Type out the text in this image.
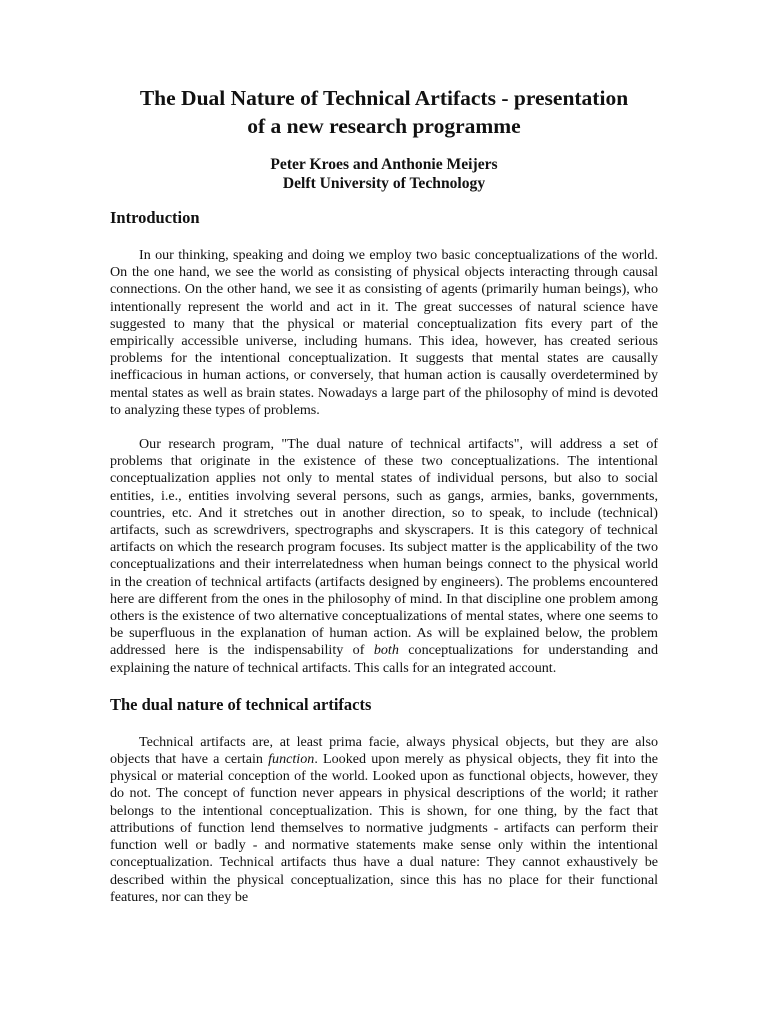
The Dual Nature of Technical Artifacts - presentation
of a new research programme
Peter Kroes and Anthonie Meijers
Delft University of Technology
Introduction

In our thinking, speaking and doing we employ two basic conceptualizations of the world. On the one hand, we see the world as consisting of physical objects interacting through causal connections. On the other hand, we see it as consisting of agents (primarily human beings), who intentionally represent the world and act in it. The great successes of natural science have suggested to many that the physical or material conceptualization fits every part of the empirically accessible universe, including humans. This idea, however, has created serious problems for the intentional conceptualization. It suggests that mental states are causally inefficacious in human actions, or conversely, that human action is causally overdetermined by mental states as well as brain states. Nowadays a large part of the philosophy of mind is devoted to analyzing these types of problems.

Our research program, "The dual nature of technical artifacts", will address a set of problems that originate in the existence of these two conceptualizations. The intentional conceptualization applies not only to mental states of individual persons, but also to social entities, i.e., entities involving several persons, such as gangs, armies, banks, governments, countries, etc. And it stretches out in another direction, so to speak, to include (technical) artifacts, such as screwdrivers, spectrographs and skyscrapers. It is this category of technical artifacts on which the research program focuses. Its subject matter is the applicability of the two conceptualizations and their interrelatedness when human beings connect to the physical world in the creation of technical artifacts (artifacts designed by engineers). The problems encountered here are different from the ones in the philosophy of mind. In that discipline one problem among others is the existence of two alternative conceptualizations of mental states, where one seems to be superfluous in the explanation of human action. As will be explained below, the problem addressed here is the indispensability of both conceptualizations for understanding and explaining the nature of technical artifacts. This calls for an integrated account.

The dual nature of technical artifacts

Technical artifacts are, at least prima facie, always physical objects, but they are also objects that have a certain function. Looked upon merely as physical objects, they fit into the physical or material conception of the world. Looked upon as functional objects, however, they do not. The concept of function never appears in physical descriptions of the world; it rather belongs to the intentional conceptualization. This is shown, for one thing, by the fact that attributions of function lend themselves to normative judgments - artifacts can perform their function well or badly - and normative statements make sense only within the intentional conceptualization. Technical artifacts thus have a dual nature: They cannot exhaustively be described within the physical conceptualization, since this has no place for their functional features, nor can they be
